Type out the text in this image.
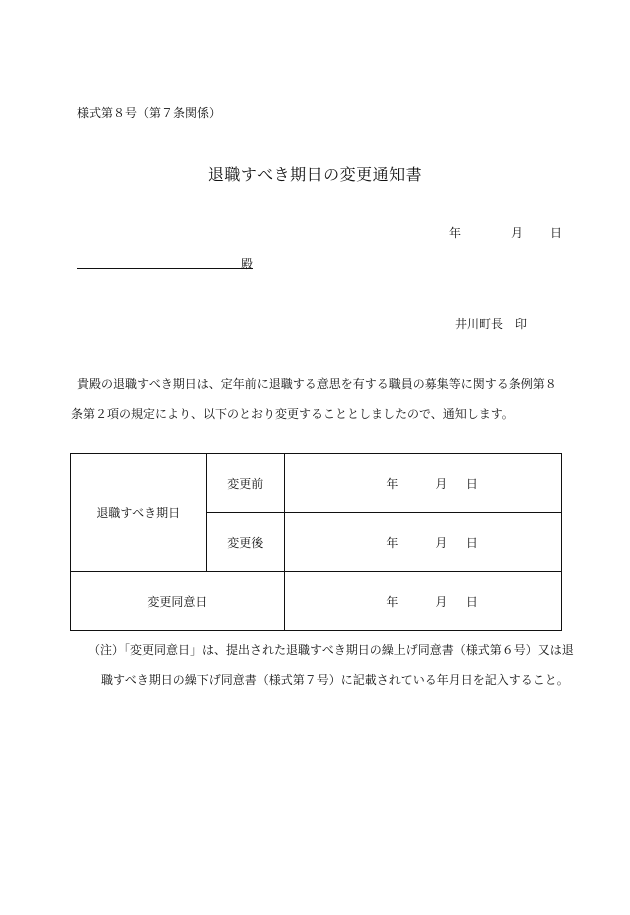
様式第８号（第７条関係）
退職すべき期日の変更通知書
年	月 日
殿
井川町長 印
貴殿の退職すべき期日は、定年前に退職する意思を有する職員の募集等に関する条例第８
条第２項の規定により、以下のとおり変更することとしましたので、通知します。
退職すべき期日	変更前	年 月 日
	変更後	年 月 日
変更同意日		年 月 日
（注）「変更同意日」は、提出された退職すべき期日の繰上げ同意書（様式第６号）又は退
職すべき期日の繰下げ同意書（様式第７号）に記載されている年月日を記入すること。
